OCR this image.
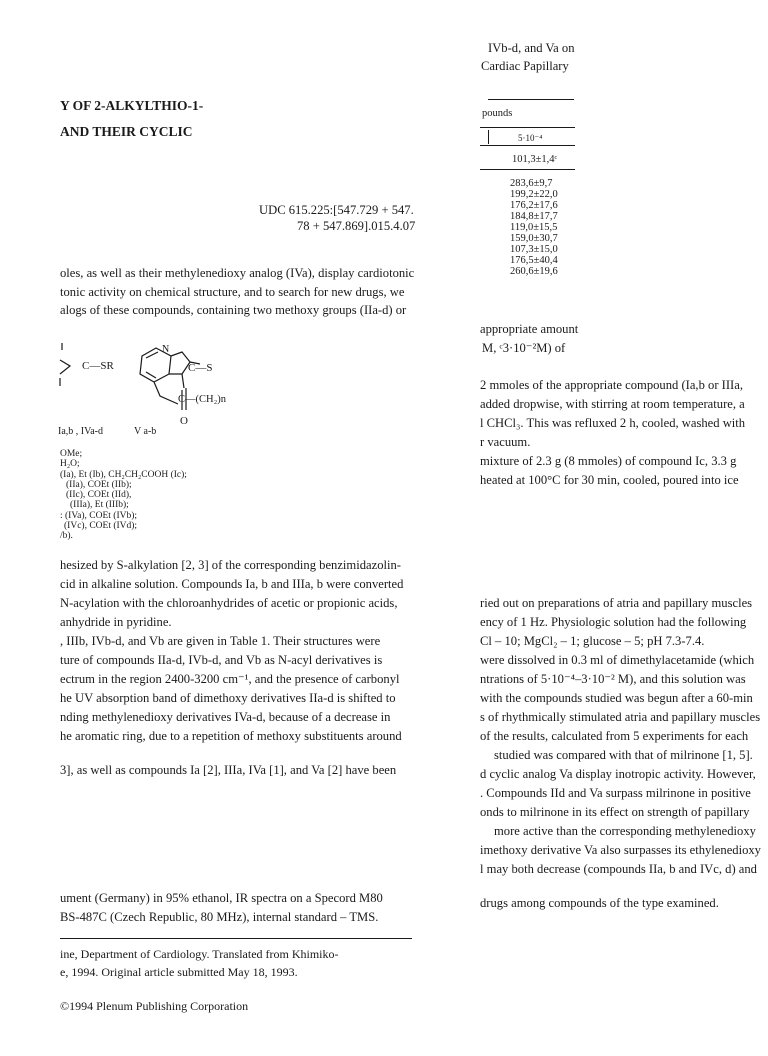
IVb-d, and Va on
Cardiac Papillary
Y OF 2-ALKYLTHIO-1-
AND THEIR CYCLIC
pounds
5·10⁻⁴
101,3±1,4ᶜ
283,6±9,7
199,2±22,0
176,2±17,6
184,8±17,7
119,0±15,5
159,0±30,7
107,3±15,0
176,5±40,4
260,6±19,6
UDC 615.225:[547.729 + 547.
78 + 547.869].015.4.07
oles, as well as their methylenedioxy analog (IVa), display cardiotonic
tonic activity on chemical structure, and to search for new drugs, we
alogs of these compounds, containing two methoxy groups (IIa-d) or
appropriate amount
M, ᶜ3·10⁻²M) of
C—SR	C—S
C—(CH₂)n
O
N
Ia,b , IVa-d	V a-b
OMe;
H₂O;
(Ia), Et (Ib), CH₂CH₂COOH (Ic);
(IIa), COEt (IIb);
(IIc), COEt (IId),
(IIIa), Et (IIIb);
: (IVa), COEt (IVb);
(IVc), COEt (IVd);
/b).
2 mmoles of the appropriate compound (Ia,b or IIIa,
added dropwise, with stirring at room temperature, a
l CHCl₃. This was refluxed 2 h, cooled, washed with
r vacuum.
mixture of 2.3 g (8 mmoles) of compound Ic, 3.3 g
heated at 100°C for 30 min, cooled, poured into ice
hesized by S-alkylation [2, 3] of the corresponding benzimidazolin-
cid in alkaline solution. Compounds Ia, b and IIIa, b were converted
N-acylation with the chloroanhydrides of acetic or propionic acids,
anhydride in pyridine.
, IIIb, IVb-d, and Vb are given in Table 1. Their structures were
ture of compounds IIa-d, IVb-d, and Vb as N-acyl derivatives is
ectrum in the region 2400-3200 cm⁻¹, and the presence of carbonyl
he UV absorption band of dimethoxy derivatives IIa-d is shifted to
nding methylenedioxy derivatives IVa-d, because of a decrease in
he aromatic ring, due to a repetition of methoxy substituents around
3], as well as compounds Ia [2], IIIa, IVa [1], and Va [2] have been
ried out on preparations of atria and papillary muscles
ency of 1 Hz. Physiologic solution had the following
Cl – 10; MgCl₂ – 1; glucose – 5; pH 7.3-7.4.
were dissolved in 0.3 ml of dimethylacetamide (which
ntrations of 5·10⁻⁴–3·10⁻² M), and this solution was
with the compounds studied was begun after a 60-min
s of rhythmically stimulated atria and papillary muscles
of the results, calculated from 5 experiments for each
studied was compared with that of milrinone [1, 5].
d cyclic analog Va display inotropic activity. However,
. Compounds IId and Va surpass milrinone in positive
onds to milrinone in its effect on strength of papillary
more active than the corresponding methylenedioxy
imethoxy derivative Va also surpasses its ethylenedioxy
l may both decrease (compounds IIa, b and IVc, d) and
ument (Germany) in 95% ethanol, IR spectra on a Specord M80
BS-487C (Czech Republic, 80 MHz), internal standard – TMS.
drugs among compounds of the type examined.
ine, Department of Cardiology. Translated from Khimiko-
e, 1994. Original article submitted May 18, 1993.
©1994 Plenum Publishing Corporation
